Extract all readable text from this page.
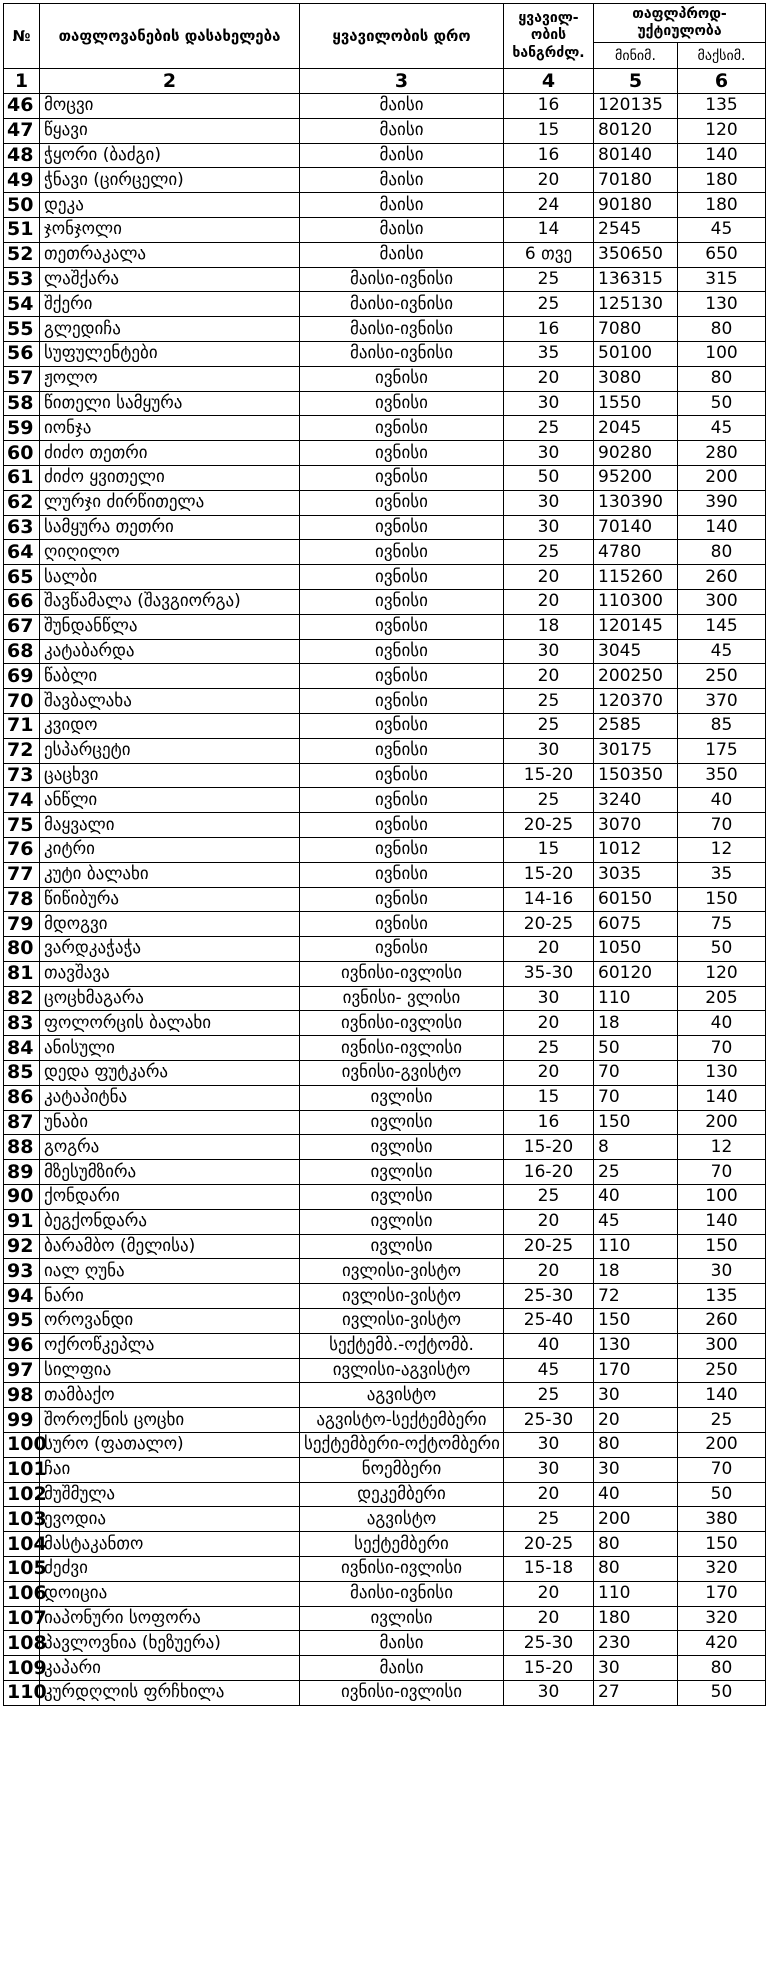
№	თაფლოვანების დასახელება	ყვავილობის დრო	ყვავილ-ობის ხანგრძლ.	თაფლპროდ-უქტიულობა	
				მინიმ.	მაქსიმ.
1	2	3	4	5	6
46	მოცვი	მაისი	16	120135	135
47	წყავი	მაისი	15	80120	120
48	ჭყორი (ბაძგი)	მაისი	16	80140	140
49	ჭნავი (ცირცელი)	მაისი	20	70180	180
50	დეკა	მაისი	24	90180	180
51	ჯონჯოლი	მაისი	14	2545	45
52	თეთრაკალა	მაისი	6 თვე	350650	650
53	ლაშქარა	მაისი-ივნისი	25	136315	315
54	შქერი	მაისი-ივნისი	25	125130	130
55	გლედიჩა	მაისი-ივნისი	16	7080	80
56	სუფულენტები	მაისი-ივნისი	35	50100	100
57	ჟოლო	ივნისი	20	3080	80
58	წითელი სამყურა	ივნისი	30	1550	50
59	იონჯა	ივნისი	25	2045	45
60	ძიძო თეთრი	ივნისი	30	90280	280
61	ძიძო ყვითელი	ივნისი	50	95200	200
62	ლურჯი ძირწითელა	ივნისი	30	130390	390
63	სამყურა თეთრი	ივნისი	30	70140	140
64	ღიღილო	ივნისი	25	4780	80
65	სალბი	ივნისი	20	115260	260
66	შავწამალა (შავგიორგა)	ივნისი	20	110300	300
67	შუნდანწლა	ივნისი	18	120145	145
68	კატაბარდა	ივნისი	30	3045	45
69	წაბლი	ივნისი	20	200250	250
70	შავბალახა	ივნისი	25	120370	370
71	კვიდო	ივნისი	25	2585	85
72	ესპარცეტი	ივნისი	30	30175	175
73	ცაცხვი	ივნისი	15-20	150350	350
74	ანწლი	ივნისი	25	3240	40
75	მაყვალი	ივნისი	20-25	3070	70
76	კიტრი	ივნისი	15	1012	12
77	კუტი ბალახი	ივნისი	15-20	3035	35
78	წიწიბურა	ივნისი	14-16	60150	150
79	მდოგვი	ივნისი	20-25	6075	75
80	ვარდკაჭაჭა	ივნისი	20	1050	50
81	თავშავა	ივნისი-ივლისი	35-30	60120	120
82	ცოცხმაგარა	ივნისი- ვლისი	30	110	205
83	ფოლორცის ბალახი	ივნისი-ივლისი	20	18	40
84	ანისული	ივნისი-ივლისი	25	50	70
85	დედა ფუტკარა	ივნისი-გვისტო	20	70	130
86	კატაპიტნა	ივლისი	15	70	140
87	უნაბი	ივლისი	16	150	200
88	გოგრა	ივლისი	15-20	8	12
89	მზესუმზირა	ივლისი	16-20	25	70
90	ქონდარი	ივლისი	25	40	100
91	ბეგქონდარა	ივლისი	20	45	140
92	ბარამბო (მელისა)	ივლისი	20-25	110	150
93	იალ ღუნა	ივლისი-ვისტო	20	18	30
94	ნარი	ივლისი-ვისტო	25-30	72	135
95	ოროვანდი	ივლისი-ვისტო	25-40	150	260
96	ოქროწკეპლა	სექტემბ.-ოქტომბ.	40	130	300
97	სილფია	ივლისი-აგვისტო	45	170	250
98	თამბაქო	აგვისტო	25	30	140
99	შოროქნის ცოცხი	აგვისტო-სექტემბერი	25-30	20	25
100	სურო (ფათალო)	სექტემბერი-ოქტომბერი	30	80	200
101	ჩაი	ნოემბერი	30	30	70
102	მუშმულა	დეკემბერი	20	40	50
103	ევოდია	აგვისტო	25	200	380
104	მასტაკანთო	სექტემბერი	20-25	80	150
105	ძეძვი	ივნისი-ივლისი	15-18	80	320
106	დოიცია	მაისი-ივნისი	20	110	170
107	იაპონური სოფორა	ივლისი	20	180	320
108	პავლოვნია (ხეზუერა)	მაისი	25-30	230	420
109	კაპარი	მაისი	15-20	30	80
110	კურდღლის ფრჩხილა	ივნისი-ივლისი	30	27	50
